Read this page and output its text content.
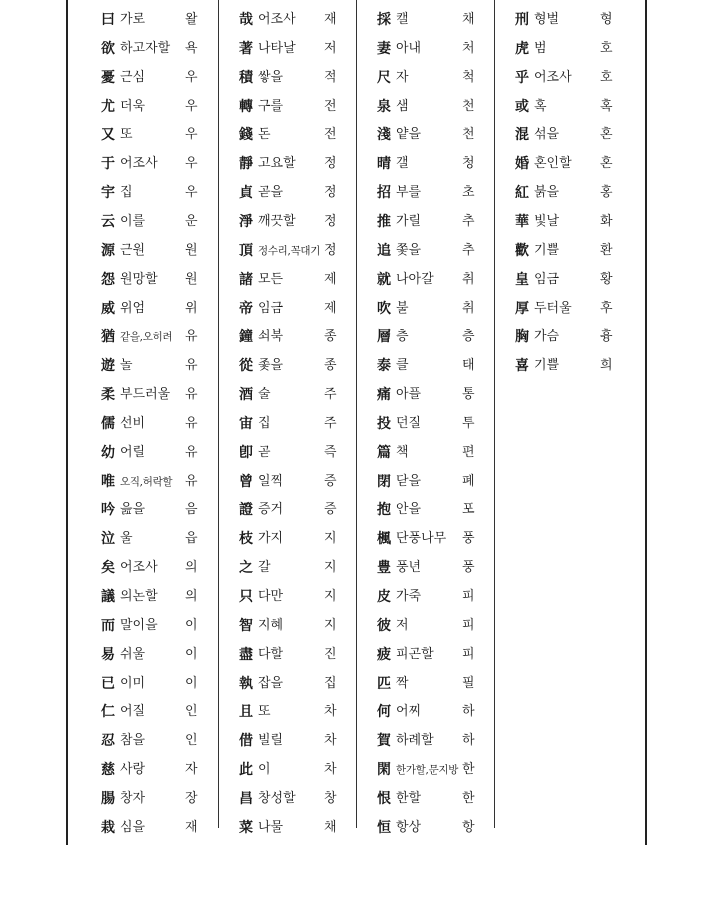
曰 가로	왈
欲 하고자할 욕
憂 근심	우
尤 더욱	우
又 또	우
于 어조사 우
宇 집	우
云 이를	운
源 근원	원
怨 원망할 원
威 위엄	위
猶 같을,오히려 유
遊 놀	유
柔 부드러울 유
儒 선비	유
幼 어릴	유
唯 오직,허락할 유
吟 읊을	음
泣 울	읍
矣 어조사 의
議 의논할 의
而 말이을 이
易 쉬울	이
已 이미	이
仁 어질	인
忍 참을	인
慈 사랑	자
腸 창자	장
栽 심을	재
哉 어조사 재
著 나타날 저
積 쌓을	적
轉 구를	전
錢 돈	전
靜 고요할 정
貞 곧을	정
淨 깨끗할 정
頂 정수리,꼭대기 정
諸 모든	제
帝 임금	제
鐘 쇠북	종
從 좇을	종
酒 술	주
宙 집	주
卽 곧	즉
曾 일찍	증
證 증거	증
枝 가지	지
之 갈	지
只 다만	지
智 지혜	지
盡 다할	진
執 잡을	집
且 또	차
借 빌릴	차
此 이	차
昌 창성할 창
菜 나물	채
採 캘	채
妻 아내	처
尺 자	척
泉 샘	천
淺 얕을	천
晴 갤	청
招 부를	초
推 가릴	추
追 쫓을	추
就 나아갈 취
吹 불	취
層 층	층
泰 클	태
痛 아플	통
投 던질	투
篇 책	편
閉 닫을	폐
抱 안을	포
楓 단풍나무 풍
豊 풍년	풍
皮 가죽	피
彼 저	피
疲 피곤할 피
匹 짝	필
何 어찌	하
賀 하례할 하
閑 한가할,문지방 한
恨 한할	한
恒 항상	항
刑 형벌	형
虎 범	호
乎 어조사 호
或 혹	혹
混 섞을	혼
婚 혼인할 혼
紅 붉을	홍
華 빛날	화
歡 기쁠	환
皇 임금	황
厚 두터울 후
胸 가슴	흉
喜 기쁠	희
